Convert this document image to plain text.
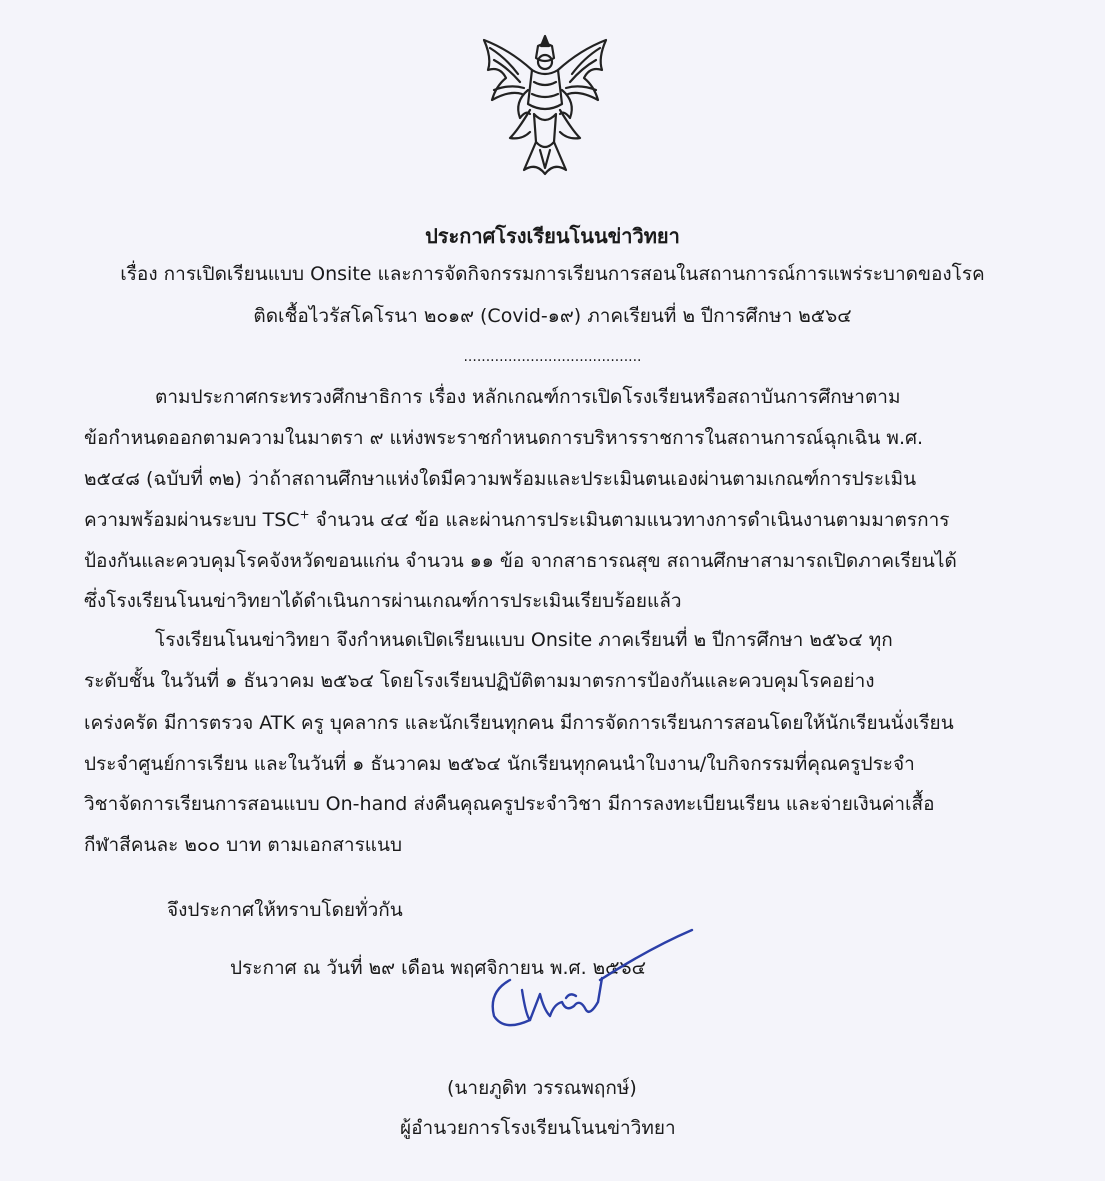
ประกาศโรงเรียนโนนข่าวิทยา
เรื่อง การเปิดเรียนแบบ Onsite และการจัดกิจกรรมการเรียนการสอนในสถานการณ์การแพร่ระบาดของโรค
ติดเชื้อไวรัสโคโรนา ๒๐๑๙ (Covid-๑๙) ภาคเรียนที่ ๒ ปีการศึกษา ๒๕๖๔
........................................
ตามประกาศกระทรวงศึกษาธิการ เรื่อง หลักเกณฑ์การเปิดโรงเรียนหรือสถาบันการศึกษาตาม
ข้อกำหนดออกตามความในมาตรา ๙ แห่งพระราชกำหนดการบริหารราชการในสถานการณ์ฉุกเฉิน พ.ศ.
๒๕๔๘ (ฉบับที่ ๓๒) ว่าถ้าสถานศึกษาแห่งใดมีความพร้อมและประเมินตนเองผ่านตามเกณฑ์การประเมิน
ความพร้อมผ่านระบบ TSC+ จำนวน ๔๔ ข้อ และผ่านการประเมินตามแนวทางการดำเนินงานตามมาตรการ
ป้องกันและควบคุมโรคจังหวัดขอนแก่น จำนวน ๑๑ ข้อ จากสาธารณสุข สถานศึกษาสามารถเปิดภาคเรียนได้
ซึ่งโรงเรียนโนนข่าวิทยาได้ดำเนินการผ่านเกณฑ์การประเมินเรียบร้อยแล้ว
โรงเรียนโนนข่าวิทยา จึงกำหนดเปิดเรียนแบบ Onsite ภาคเรียนที่ ๒ ปีการศึกษา ๒๕๖๔ ทุก
ระดับชั้น ในวันที่ ๑ ธันวาคม ๒๕๖๔ โดยโรงเรียนปฏิบัติตามมาตรการป้องกันและควบคุมโรคอย่าง
เคร่งครัด มีการตรวจ ATK ครู บุคลากร และนักเรียนทุกคน มีการจัดการเรียนการสอนโดยให้นักเรียนนั่งเรียน
ประจำศูนย์การเรียน และในวันที่ ๑ ธันวาคม ๒๕๖๔ นักเรียนทุกคนนำใบงาน/ใบกิจกรรมที่คุณครูประจำ
วิชาจัดการเรียนการสอนแบบ On-hand ส่งคืนคุณครูประจำวิชา มีการลงทะเบียนเรียน และจ่ายเงินค่าเสื้อ
กีฬาสีคนละ ๒๐๐ บาท ตามเอกสารแนบ
จึงประกาศให้ทราบโดยทั่วกัน
ประกาศ ณ วันที่ ๒๙ เดือน พฤศจิกายน พ.ศ. ๒๕๖๔
(นายภูดิท วรรณพฤกษ์)
ผู้อำนวยการโรงเรียนโนนข่าวิทยา
